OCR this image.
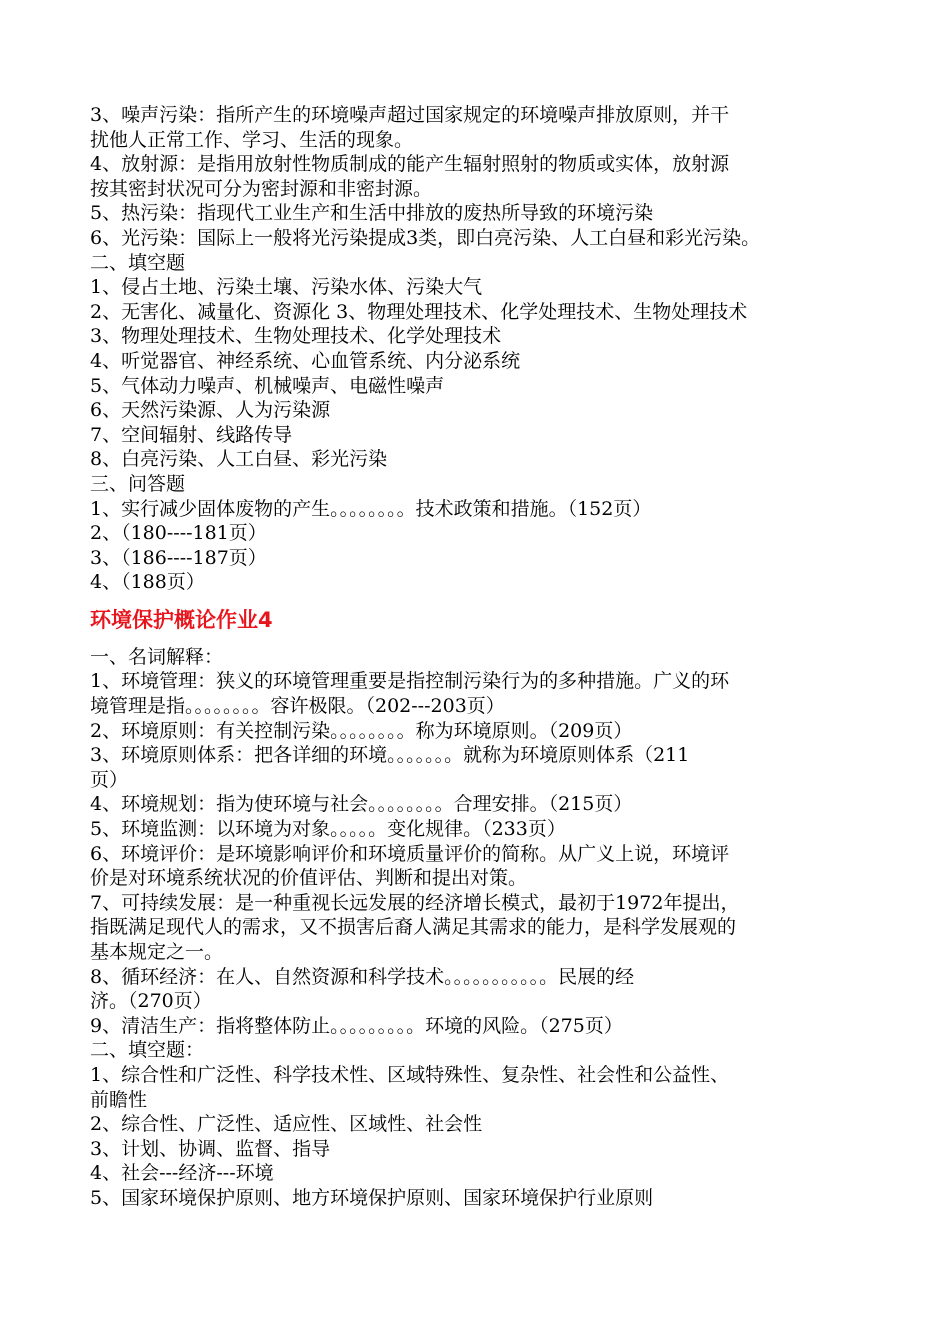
3、噪声污染：指所产生的环境噪声超过国家规定的环境噪声排放原则，并干
扰他人正常工作、学习、生活的现象。
4、放射源：是指用放射性物质制成的能产生辐射照射的物质或实体，放射源
按其密封状况可分为密封源和非密封源。
5、热污染：指现代工业生产和生活中排放的废热所导致的环境污染
6、光污染：国际上一般将光污染提成3类，即白亮污染、人工白昼和彩光污染。
二、填空题
1、侵占土地、污染土壤、污染水体、污染大气
2、无害化、减量化、资源化 3、物理处理技术、化学处理技术、生物处理技术
3、物理处理技术、生物处理技术、化学处理技术
4、听觉器官、神经系统、心血管系统、内分泌系统
5、气体动力噪声、机械噪声、电磁性噪声
6、天然污染源、人为污染源
7、空间辐射、线路传导
8、白亮污染、人工白昼、彩光污染
三、问答题
1、实行减少固体废物的产生。。。。。。。。技术政策和措施。（152页）
2、（180----181页）
3、（186----187页）
4、（188页）
环境保护概论作业4
一、名词解释：
1、环境管理：狭义的环境管理重要是指控制污染行为的多种措施。广义的环
境管理是指。。。。。。。。容许极限。（202---203页）
2、环境原则：有关控制污染。。。。。。。。称为环境原则。（209页）
3、环境原则体系：把各详细的环境。。。。。。。就称为环境原则体系（211
页）
4、环境规划：指为使环境与社会。。。。。。。。合理安排。（215页）
5、环境监测：以环境为对象。。。。。变化规律。（233页）
6、环境评价：是环境影响评价和环境质量评价的简称。从广义上说，环境评
价是对环境系统状况的价值评估、判断和提出对策。
7、可持续发展：是一种重视长远发展的经济增长模式，最初于1972年提出，
指既满足现代人的需求，又不损害后裔人满足其需求的能力，是科学发展观的
基本规定之一。
8、循环经济：在人、自然资源和科学技术。。。。。。。。。。。民展的经
济。（270页）
9、清洁生产：指将整体防止。。。。。。。。。环境的风险。（275页）
二、填空题：
1、综合性和广泛性、科学技术性、区域特殊性、复杂性、社会性和公益性、
前瞻性
2、综合性、广泛性、适应性、区域性、社会性
3、计划、协调、监督、指导
4、社会---经济---环境
5、国家环境保护原则、地方环境保护原则、国家环境保护行业原则
